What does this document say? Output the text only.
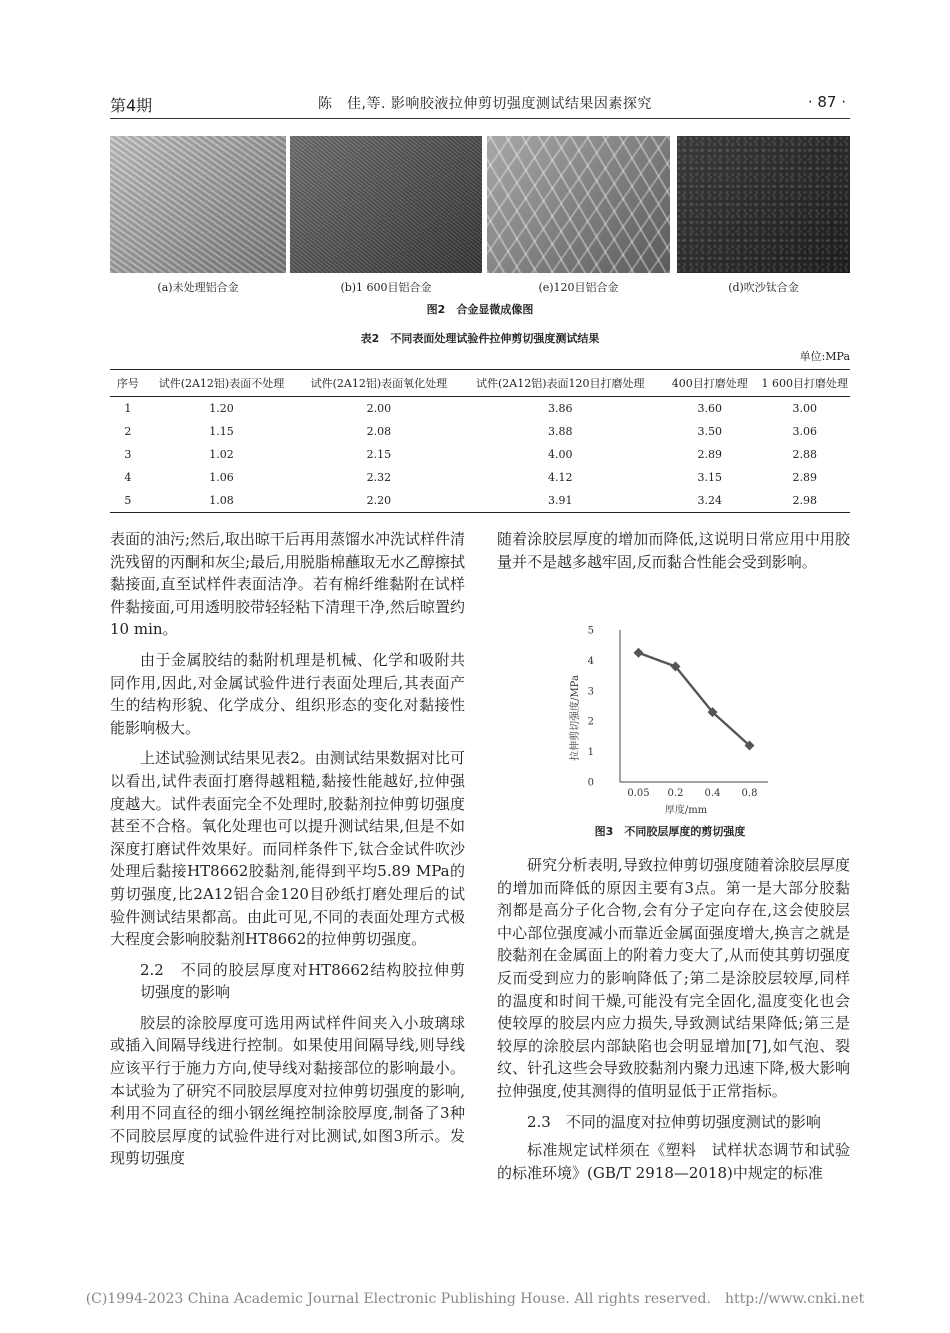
第4期	陈　佳,等. 影响胶液拉伸剪切强度测试结果因素探究	· 87 ·
(a)未处理铝合金	(b)1 600目铝合金	(e)120目铝合金	(d)吹沙钛合金
图2　合金显微成像图
表2　不同表面处理试验件拉伸剪切强度测试结果
单位:MPa
序号	试件(2A12铝)表面不处理	试件(2A12铝)表面氧化处理	试件(2A12铝)表面120目打磨处理	400目打磨处理	1 600目打磨处理
1	1.20	2.00	3.86	3.60	3.00
2	1.15	2.08	3.88	3.50	3.06
3	1.02	2.15	4.00	2.89	2.88
4	1.06	2.32	4.12	3.15	2.89
5	1.08	2.20	3.91	3.24	2.98

表面的油污;然后,取出晾干后再用蒸馏水冲洗试样件清洗残留的丙酮和灰尘;最后,用脱脂棉蘸取无水乙醇擦拭黏接面,直至试样件表面洁净。若有棉纤维黏附在试样件黏接面,可用透明胶带轻轻粘下清理干净,然后晾置约10 min。

由于金属胶结的黏附机理是机械、化学和吸附共同作用,因此,对金属试验件进行表面处理后,其表面产生的结构形貌、化学成分、组织形态的变化对黏接性能影响极大。

上述试验测试结果见表2。由测试结果数据对比可以看出,试件表面打磨得越粗糙,黏接性能越好,拉伸强度越大。试件表面完全不处理时,胶黏剂拉伸剪切强度甚至不合格。氧化处理也可以提升测试结果,但是不如深度打磨试件效果好。而同样条件下,钛合金试件吹沙处理后黏接HT8662胶黏剂,能得到平均5.89 MPa的剪切强度,比2A12铝合金120目砂纸打磨处理后的试验件测试结果都高。由此可见,不同的表面处理方式极大程度会影响胶黏剂HT8662的拉伸剪切强度。

2.2　不同的胶层厚度对HT8662结构胶拉伸剪切强度的影响

胶层的涂胶厚度可选用两试样件间夹入小玻璃球或插入间隔导线进行控制。如果使用间隔导线,则导线应该平行于施力方向,使导线对黏接部位的影响最小。本试验为了研究不同胶层厚度对拉伸剪切强度的影响,利用不同直径的细小钢丝绳控制涂胶厚度,制备了3种不同胶层厚度的试验件进行对比测试,如图3所示。发现剪切强度

随着涂胶层厚度的增加而降低,这说明日常应用中用胶量并不是越多越牢固,反而黏合性能会受到影响。

0
1
2
3
4
5
0.05 0.2 0.4 0.8
拉伸剪切强度/MPa
厚度/mm
图3　不同胶层厚度的剪切强度

研究分析表明,导致拉伸剪切强度随着涂胶层厚度的增加而降低的原因主要有3点。第一是大部分胶黏剂都是高分子化合物,会有分子定向存在,这会使胶层中心部位强度减小而靠近金属面强度增大,换言之就是胶黏剂在金属面上的附着力变大了,从而使其剪切强度反而受到应力的影响降低了;第二是涂胶层较厚,同样的温度和时间干燥,可能没有完全固化,温度变化也会使较厚的胶层内应力损失,导致测试结果降低;第三是较厚的涂胶层内部缺陷也会明显增加[7],如气泡、裂纹、针孔这些会导致胶黏剂内聚力迅速下降,极大影响拉伸强度,使其测得的值明显低于正常指标。

2.3　不同的温度对拉伸剪切强度测试的影响

标准规定试样须在《塑料　试样状态调节和试验的标准环境》(GB/T 2918—2018)中规定的标准

(C)1994-2023 China Academic Journal Electronic Publishing House. All rights reserved.　http://www.cnki.net
